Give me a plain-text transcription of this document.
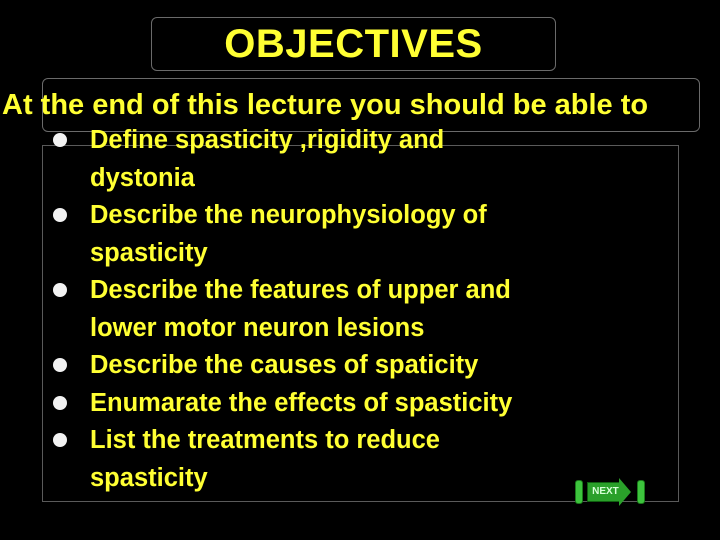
OBJECTIVES
At the end of this lecture you should be able to
Define spasticity ,rigidity and
dystonia
Describe the neurophysiology of
spasticity
Describe the features of upper and
lower motor neuron lesions
Describe the causes of spaticity
Enumarate the effects of spasticity
List the treatments to reduce
spasticity	NEXT
